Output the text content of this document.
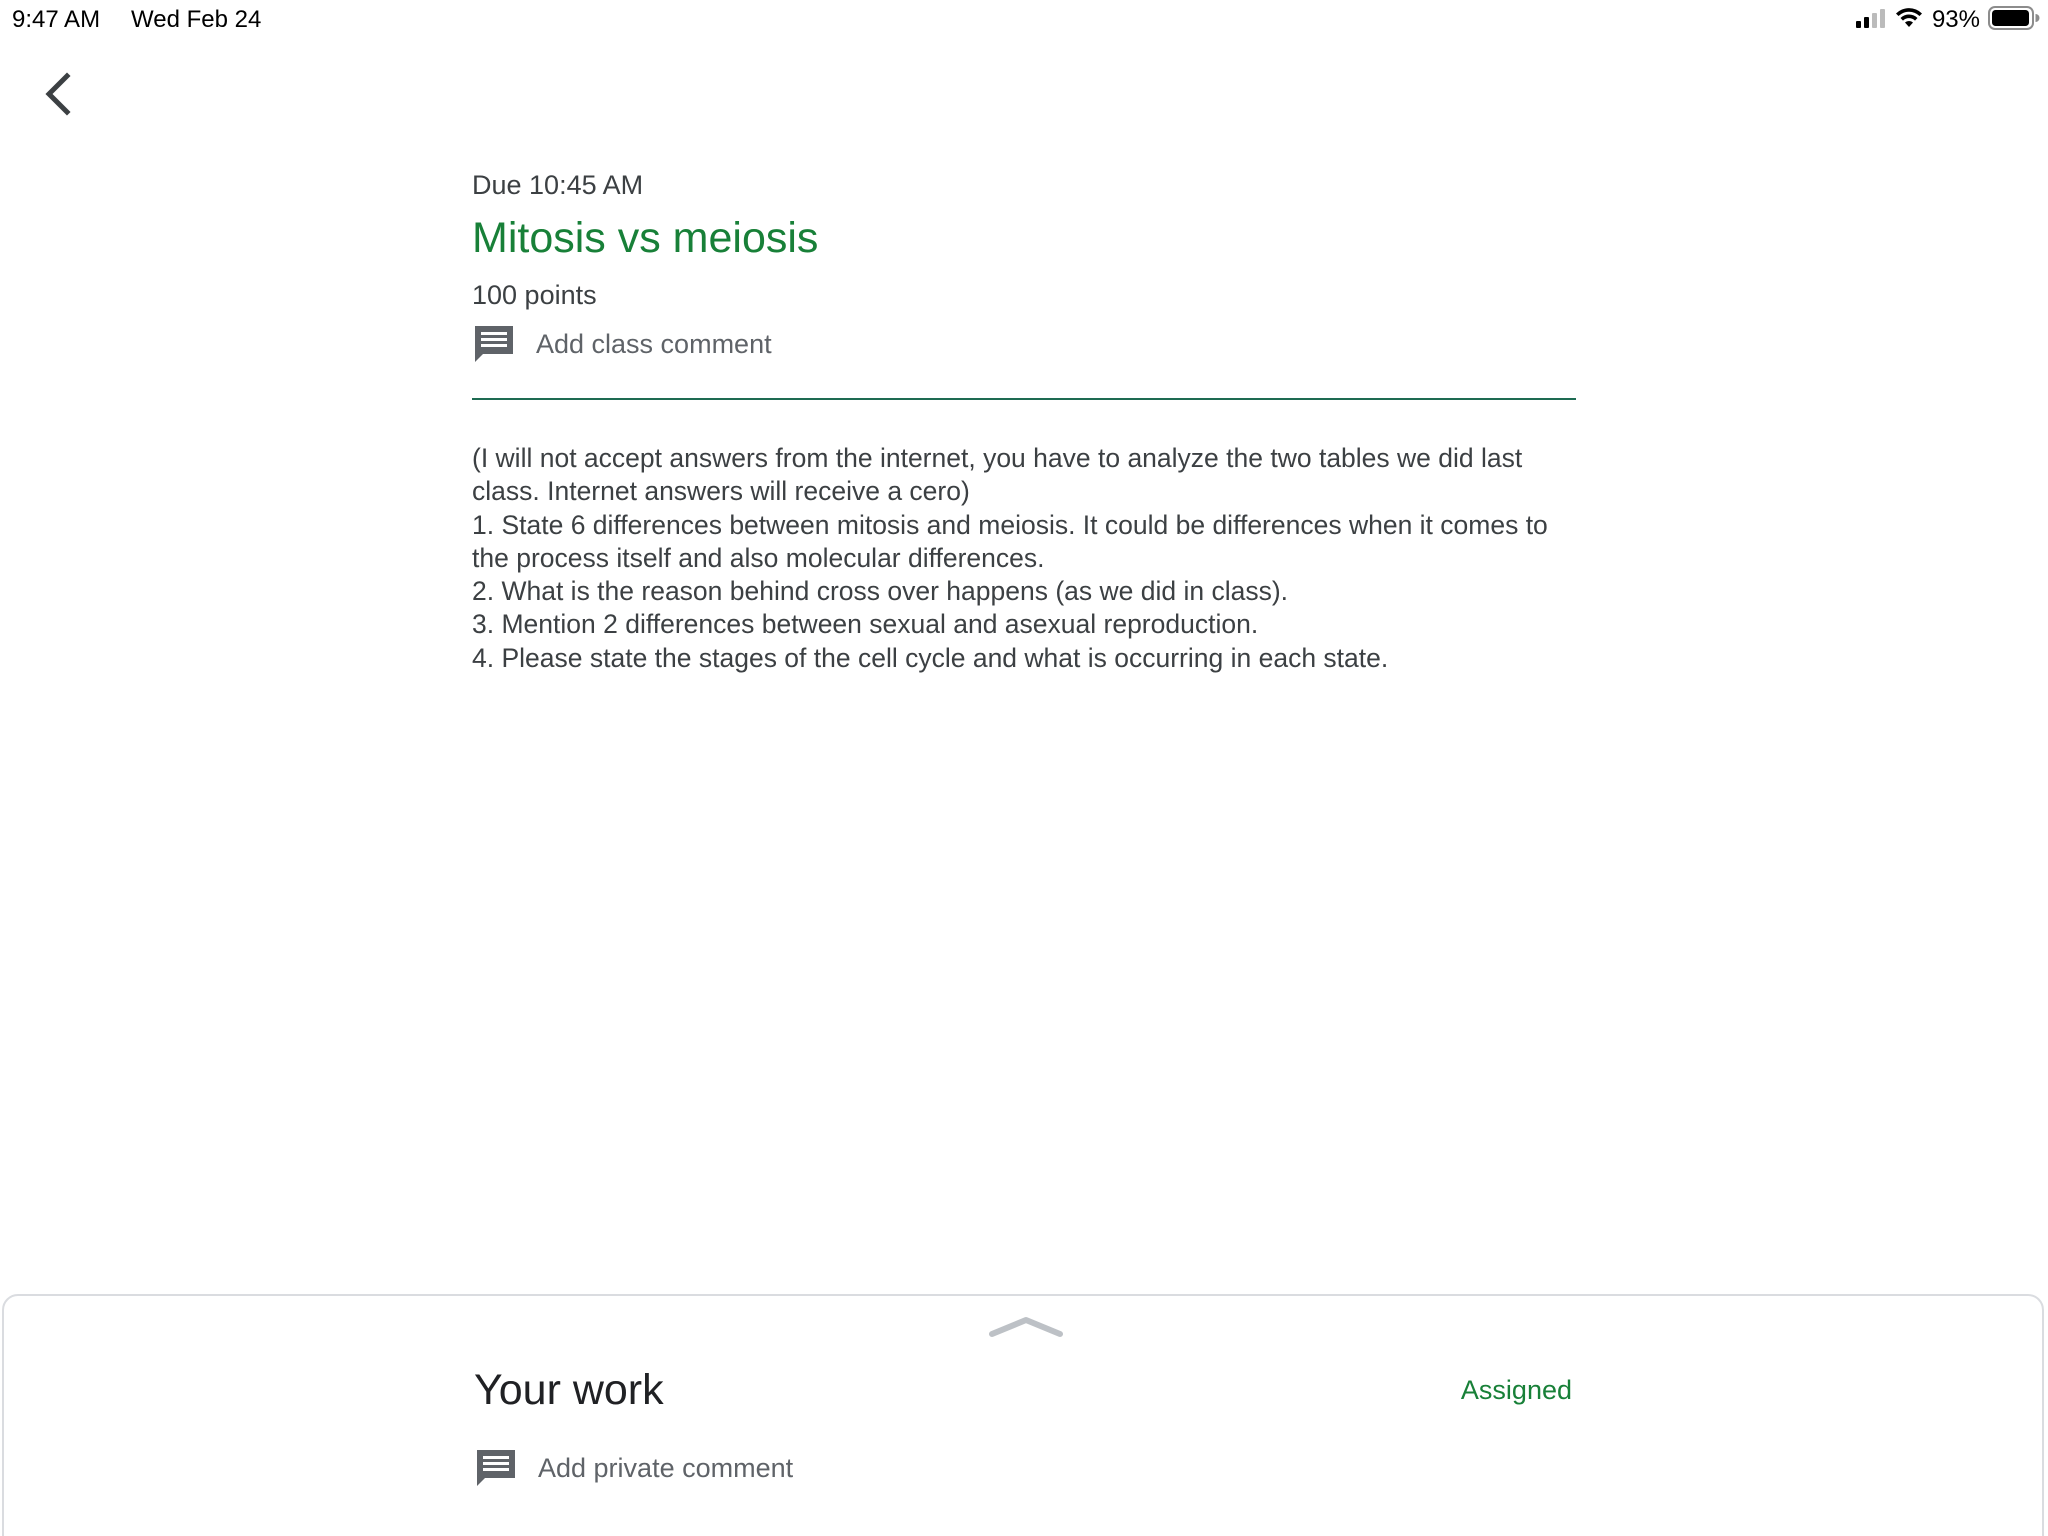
9:47 AM Wed Feb 24	93%
Due 10:45 AM
Mitosis vs meiosis
100 points
Add class comment
(I will not accept answers from the internet, you have to analyze the two tables we did last class. Internet answers will receive a cero)
1. State 6 differences between mitosis and meiosis. It could be differences when it comes to the process itself and also molecular differences.
2. What is the reason behind cross over happens (as we did in class).
3. Mention 2 differences between sexual and asexual reproduction.
4. Please state the stages of the cell cycle and what is occurring in each state.
Your work	Assigned
Add private comment
